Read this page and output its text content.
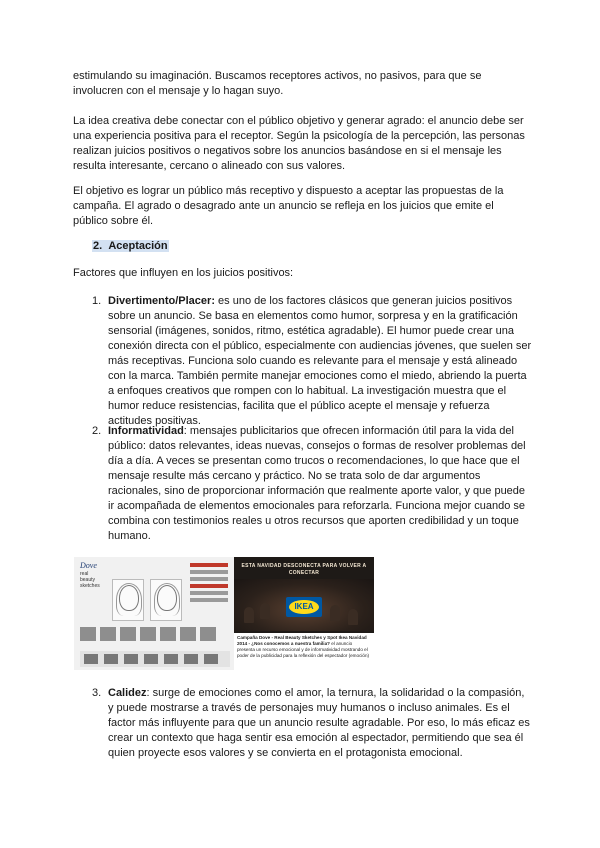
estimulando su imaginación. Buscamos receptores activos, no pasivos, para que se involucren con el mensaje y lo hagan suyo.

La idea creativa debe conectar con el público objetivo y generar agrado: el anuncio debe ser una experiencia positiva para el receptor. Según la psicología de la percepción, las personas realizan juicios positivos o negativos sobre los anuncios basándose en si el mensaje les resulta interesante, cercano o alineado con sus valores.

El objetivo es lograr un público más receptivo y dispuesto a aceptar las propuestas de la campaña. El agrado o desagrado ante un anuncio se refleja en los juicios que emite el público sobre él.

2. Aceptación

Factores que influyen en los juicios positivos:

1. Divertimento/Placer: es uno de los factores clásicos que generan juicios positivos sobre un anuncio. Se basa en elementos como humor, sorpresa y en la gratificación sensorial (imágenes, sonidos, ritmo, estética agradable). El humor puede crear una conexión directa con el público, especialmente con audiencias jóvenes, que suelen ser más receptivas. Funciona solo cuando es relevante para el mensaje y está alineado con la marca. También permite manejar emociones como el miedo, abriendo la puerta a enfoques creativos que rompen con lo habitual. La investigación muestra que el humor reduce resistencias, facilita que el público acepte el mensaje y refuerza actitudes positivas.
2. Informatividad: mensajes publicitarios que ofrecen información útil para la vida del público: datos relevantes, ideas nuevas, consejos o formas de resolver problemas del día a día. A veces se presentan como trucos o recomendaciones, lo que hace que el mensaje resulte más cercano y práctico. No se trata solo de dar argumentos racionales, sino de proporcionar información que realmente aporte valor, y que puede ir acompañada de elementos emocionales para reforzarla. Funciona mejor cuando se combina con testimonios reales u otros recursos que aporten credibilidad y un toque humano.
Dove
real beauty sketches
ESTA NAVIDAD DESCONECTA PARA VOLVER A CONECTAR
IKEA
Campaña Dove - Real Beauty Sketches y Spot Ikea Navidad 2014 - ¿Nos conocemos a nuestra familia? el anuncio presenta un recurso emocional y de informatividad mostrando el poder de la publicidad para la reflexión del espectador (emoción)
3. Calidez: surge de emociones como el amor, la ternura, la solidaridad o la compasión, y puede mostrarse a través de personajes muy humanos o incluso animales. Es el factor más influyente para que un anuncio resulte agradable. Por eso, lo más eficaz es crear un contexto que haga sentir esa emoción al espectador, permitiendo que sea él quien proyecte esos valores y se convierta en el protagonista emocional.
